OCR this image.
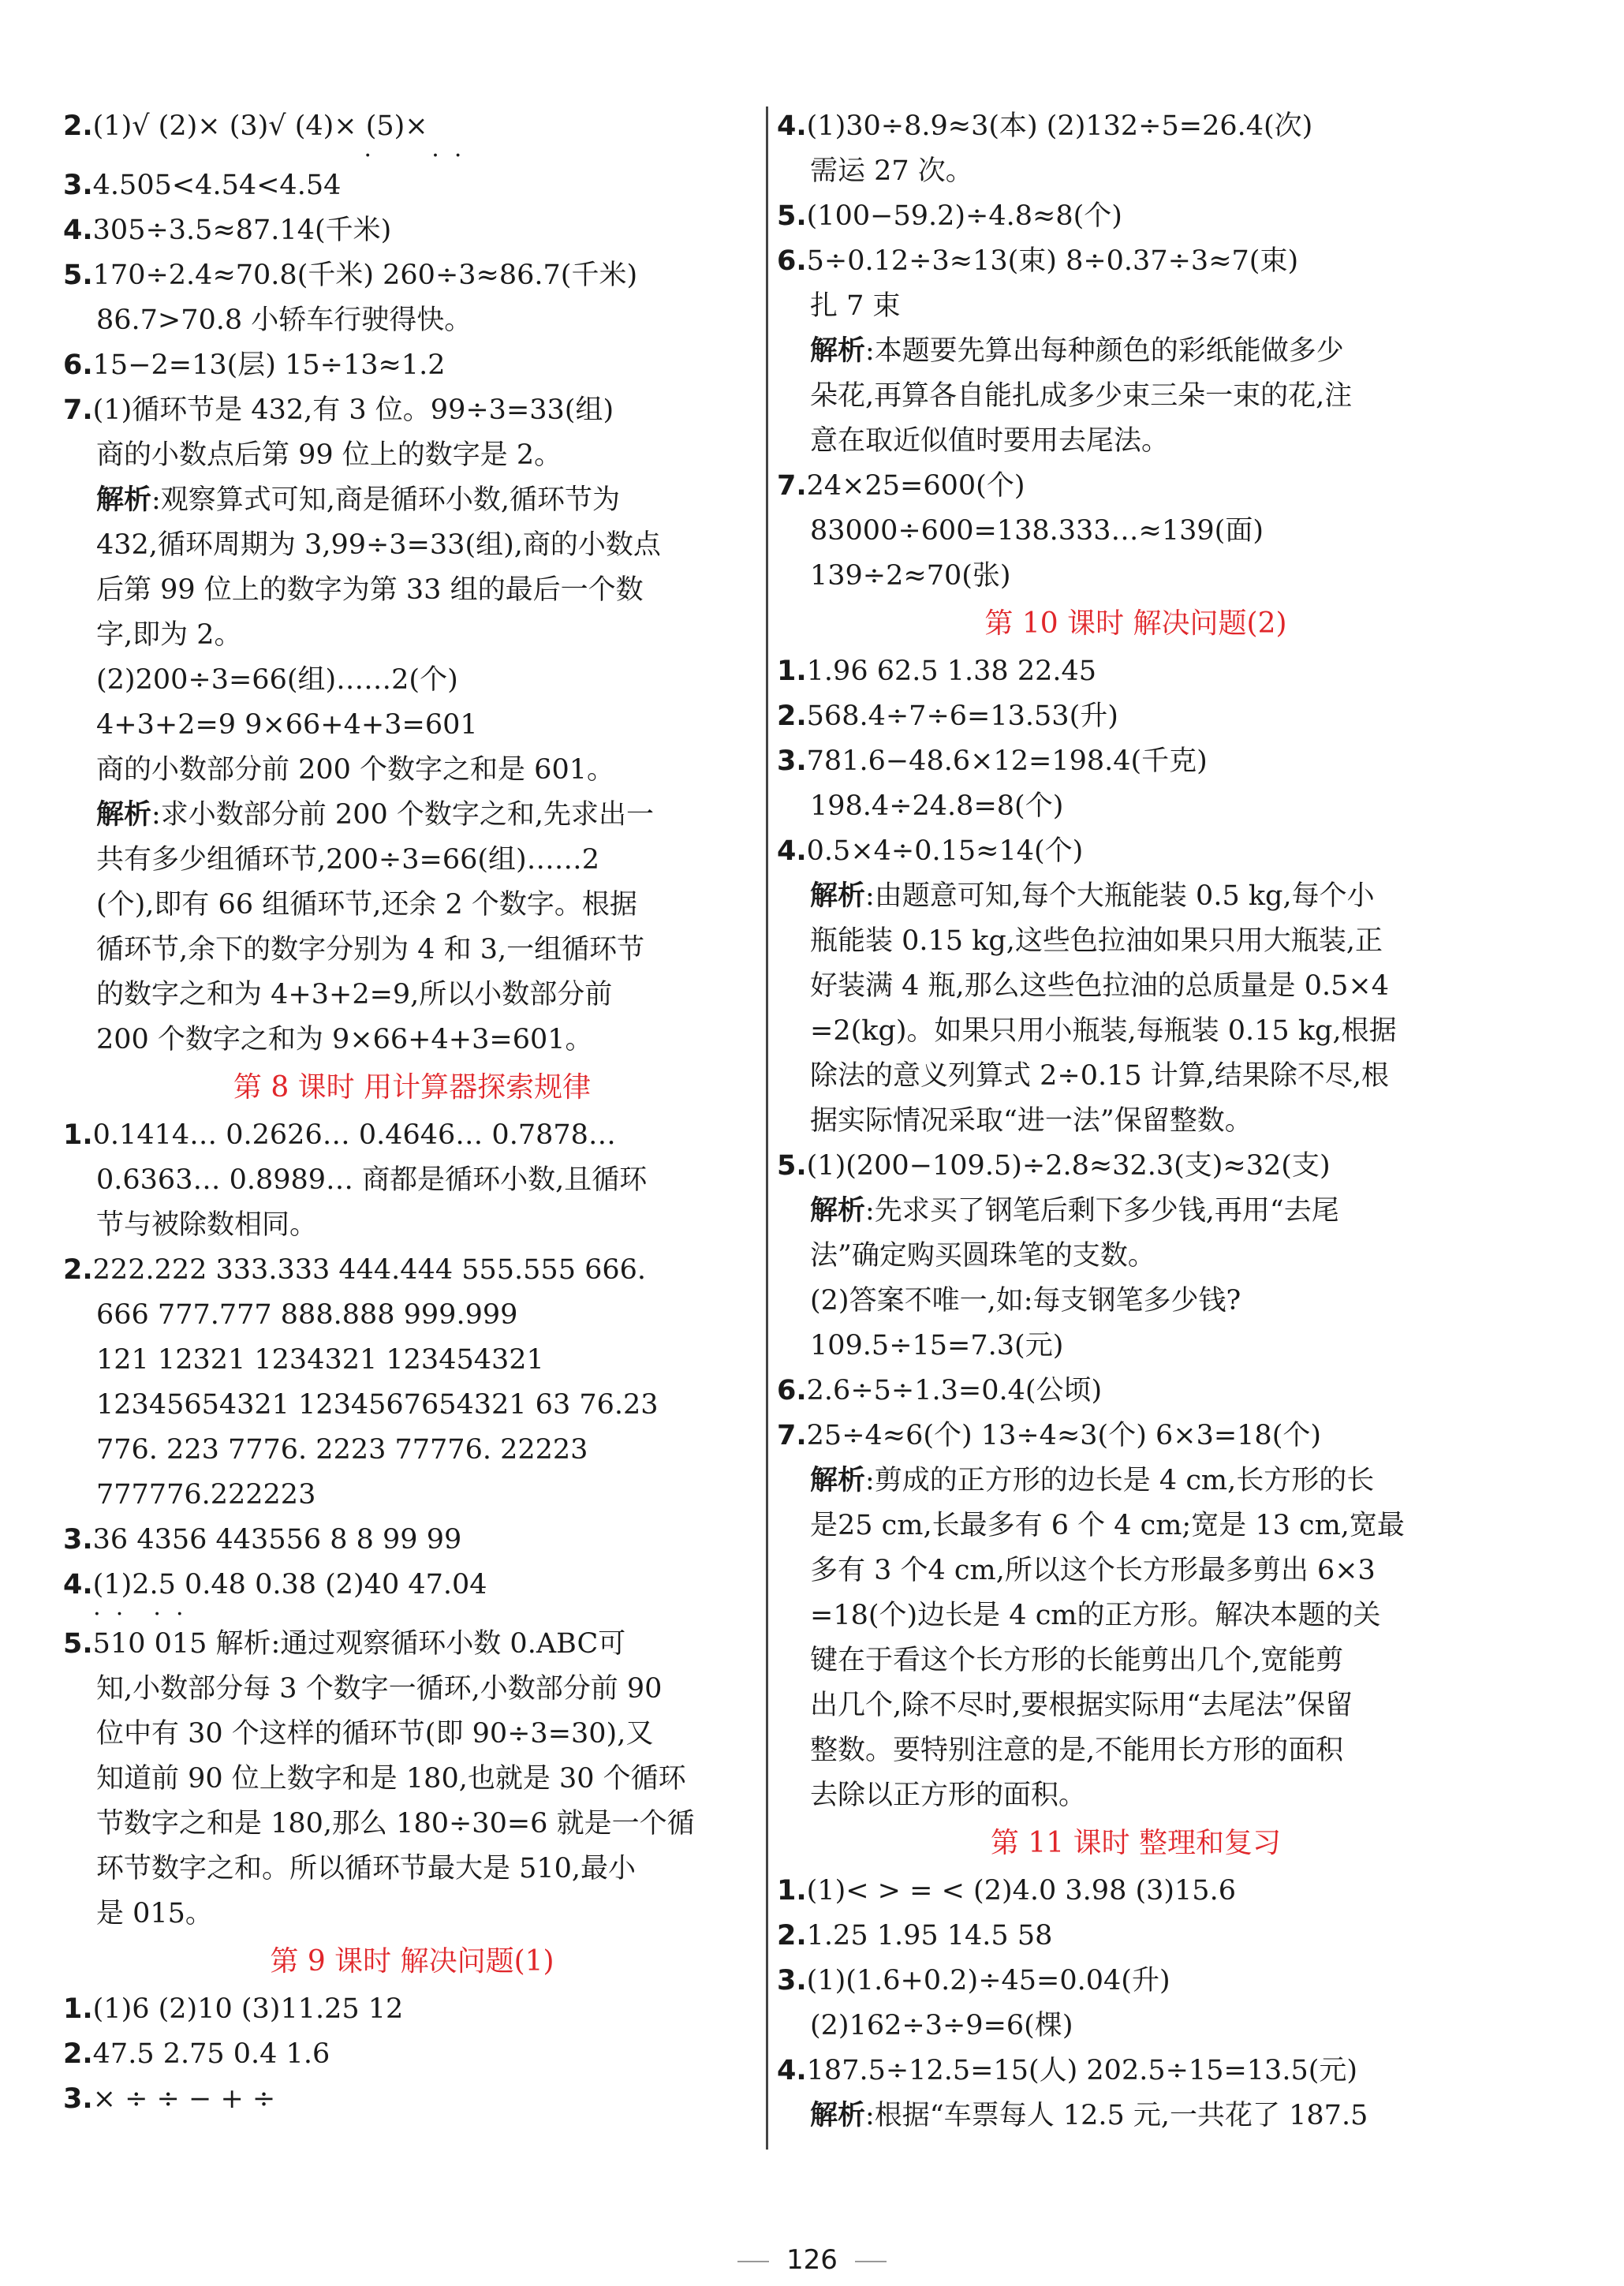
2.(1)√ (2)× (3)√ (4)× (5)×
·        ·  ·
3.4.505<4.54<4.54
4.305÷3.5≈87.14(千米)
5.170÷2.4≈70.8(千米) 260÷3≈86.7(千米)
86.7>70.8 小轿车行驶得快。
6.15−2=13(层) 15÷13≈1.2
7.(1)循环节是 432,有 3 位。99÷3=33(组)
商的小数点后第 99 位上的数字是 2。
解析:观察算式可知,商是循环小数,循环节为
432,循环周期为 3,99÷3=33(组),商的小数点
后第 99 位上的数字为第 33 组的最后一个数
字,即为 2。
(2)200÷3=66(组)……2(个)
4+3+2=9 9×66+4+3=601
商的小数部分前 200 个数字之和是 601。
解析:求小数部分前 200 个数字之和,先求出一
共有多少组循环节,200÷3=66(组)……2
(个),即有 66 组循环节,还余 2 个数字。根据
循环节,余下的数字分别为 4 和 3,一组循环节
的数字之和为 4+3+2=9,所以小数部分前
200 个数字之和为 9×66+4+3=601。
第 8 课时 用计算器探索规律
1.0.1414… 0.2626… 0.4646… 0.7878…
0.6363… 0.8989… 商都是循环小数,且循环
节与被除数相同。
2.222.222 333.333 444.444 555.555 666.
666 777.777 888.888 999.999
121 12321 1234321 123454321
12345654321 1234567654321 63 76.23
776. 223 7776. 2223 77776. 22223
777776.222223
3.36 4356 443556 8 8 99 99
4.(1)2.5 0.48 0.38 (2)40 47.04
·  ·    ·  ·
5.510 015 解析:通过观察循环小数 0.ABC可
知,小数部分每 3 个数字一循环,小数部分前 90
位中有 30 个这样的循环节(即 90÷3=30),又
知道前 90 位上数字和是 180,也就是 30 个循环
节数字之和是 180,那么 180÷30=6 就是一个循
环节数字之和。所以循环节最大是 510,最小
是 015。
第 9 课时 解决问题(1)
1.(1)6 (2)10 (3)11.25 12
2.47.5 2.75 0.4 1.6
3.× ÷ ÷ − + ÷
4.(1)30÷8.9≈3(本) (2)132÷5=26.4(次)
需运 27 次。
5.(100−59.2)÷4.8≈8(个)
6.5÷0.12÷3≈13(束) 8÷0.37÷3≈7(束)
扎 7 束
解析:本题要先算出每种颜色的彩纸能做多少
朵花,再算各自能扎成多少束三朵一束的花,注
意在取近似值时要用去尾法。
7.24×25=600(个)
83000÷600=138.333…≈139(面)
139÷2≈70(张)
第 10 课时 解决问题(2)
1.1.96 62.5 1.38 22.45
2.568.4÷7÷6=13.53(升)
3.781.6−48.6×12=198.4(千克)
198.4÷24.8=8(个)
4.0.5×4÷0.15≈14(个)
解析:由题意可知,每个大瓶能装 0.5 kg,每个小
瓶能装 0.15 kg,这些色拉油如果只用大瓶装,正
好装满 4 瓶,那么这些色拉油的总质量是 0.5×4
=2(kg)。如果只用小瓶装,每瓶装 0.15 kg,根据
除法的意义列算式 2÷0.15 计算,结果除不尽,根
据实际情况采取“进一法”保留整数。
5.(1)(200−109.5)÷2.8≈32.3(支)≈32(支)
解析:先求买了钢笔后剩下多少钱,再用“去尾
法”确定购买圆珠笔的支数。
(2)答案不唯一,如:每支钢笔多少钱?
109.5÷15=7.3(元)
6.2.6÷5÷1.3=0.4(公顷)
7.25÷4≈6(个) 13÷4≈3(个) 6×3=18(个)
解析:剪成的正方形的边长是 4 cm,长方形的长
是25 cm,长最多有 6 个 4 cm;宽是 13 cm,宽最
多有 3 个4 cm,所以这个长方形最多剪出 6×3
=18(个)边长是 4 cm的正方形。解决本题的关
键在于看这个长方形的长能剪出几个,宽能剪
出几个,除不尽时,要根据实际用“去尾法”保留
整数。要特别注意的是,不能用长方形的面积
去除以正方形的面积。
第 11 课时 整理和复习
1.(1)< > = < (2)4.0 3.98 (3)15.6
2.1.25 1.95 14.5 58
3.(1)(1.6+0.2)÷45=0.04(升)
(2)162÷3÷9=6(棵)
4.187.5÷12.5=15(人) 202.5÷15=13.5(元)
解析:根据“车票每人 12.5 元,一共花了 187.5
126
